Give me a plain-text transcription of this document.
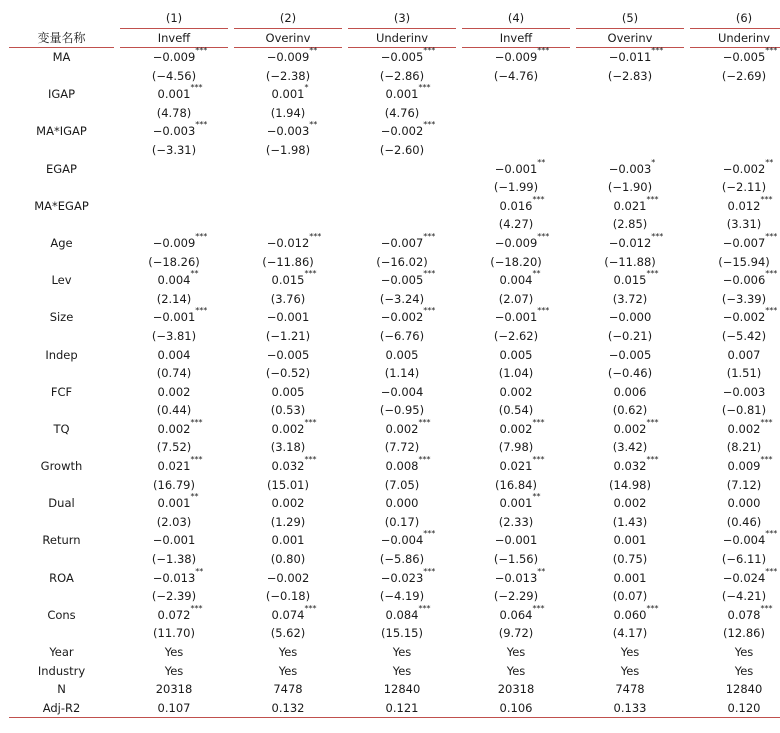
		(1)		(2)		(3)		(4)		(5)		(6)
变量名称		Inveff		Overinv		Underinv		Inveff		Overinv		Underinv
MA		−0.009 ***		−0.009 **		−0.005 ***		−0.009 ***		−0.011 ***		−0.005 ***

		(−4.56)		(−2.38)		(−2.86)		(−4.76)		(−2.83)		(−2.69)
IGAP		0.001 ***		0.001 *		0.001 ***						

		(4.78)		(1.94)		(4.76)						
MA*IGAP		−0.003 ***		−0.003 **		−0.002 ***						

		(−3.31)		(−1.98)		(−2.60)						
EGAP								−0.001 **		−0.003 *		−0.002 **

								(−1.99)		(−1.90)		(−2.11)
MA*EGAP								0.016 ***		0.021 ***		0.012 ***

								(4.27)		(2.85)		(3.31)
Age		−0.009 ***		−0.012 ***		−0.007 ***		−0.009 ***		−0.012 ***		−0.007 ***

		(−18.26)		(−11.86)		(−16.02)		(−18.20)		(−11.88)		(−15.94)
Lev		0.004 **		0.015 ***		−0.005 ***		0.004 **		0.015 ***		−0.006 ***

		(2.14)		(3.76)		(−3.24)		(2.07)		(3.72)		(−3.39)
Size		−0.001 ***		−0.001		−0.002 ***		−0.001 ***		−0.000		−0.002 ***

		(−3.81)		(−1.21)		(−6.76)		(−2.62)		(−0.21)		(−5.42)
Indep		0.004		−0.005		0.005		0.005		−0.005		0.007

		(0.74)		(−0.52)		(1.14)		(1.04)		(−0.46)		(1.51)
FCF		0.002		0.005		−0.004		0.002		0.006		−0.003

		(0.44)		(0.53)		(−0.95)		(0.54)		(0.62)		(−0.81)
TQ		0.002 ***		0.002 ***		0.002 ***		0.002 ***		0.002 ***		0.002 ***

		(7.52)		(3.18)		(7.72)		(7.98)		(3.42)		(8.21)
Growth		0.021 ***		0.032 ***		0.008 ***		0.021 ***		0.032 ***		0.009 ***

		(16.79)		(15.01)		(7.05)		(16.84)		(14.98)		(7.12)
Dual		0.001 **		0.002		0.000		0.001 **		0.002		0.000

		(2.03)		(1.29)		(0.17)		(2.33)		(1.43)		(0.46)
Return		−0.001		0.001		−0.004 ***		−0.001		0.001		−0.004 ***

		(−1.38)		(0.80)		(−5.86)		(−1.56)		(0.75)		(−6.11)
ROA		−0.013 **		−0.002		−0.023 ***		−0.013 **		0.001		−0.024 ***

		(−2.39)		(−0.18)		(−4.19)		(−2.29)		(0.07)		(−4.21)
Cons		0.072 ***		0.074 ***		0.084 ***		0.064 ***		0.060 ***		0.078 ***

		(11.70)		(5.62)		(15.15)		(9.72)		(4.17)		(12.86)
Year		Yes		Yes		Yes		Yes		Yes		Yes
Industry		Yes		Yes		Yes		Yes		Yes		Yes
N		20318		7478		12840		20318		7478		12840
Adj-R2		0.107		0.132		0.121		0.106		0.133		0.120
